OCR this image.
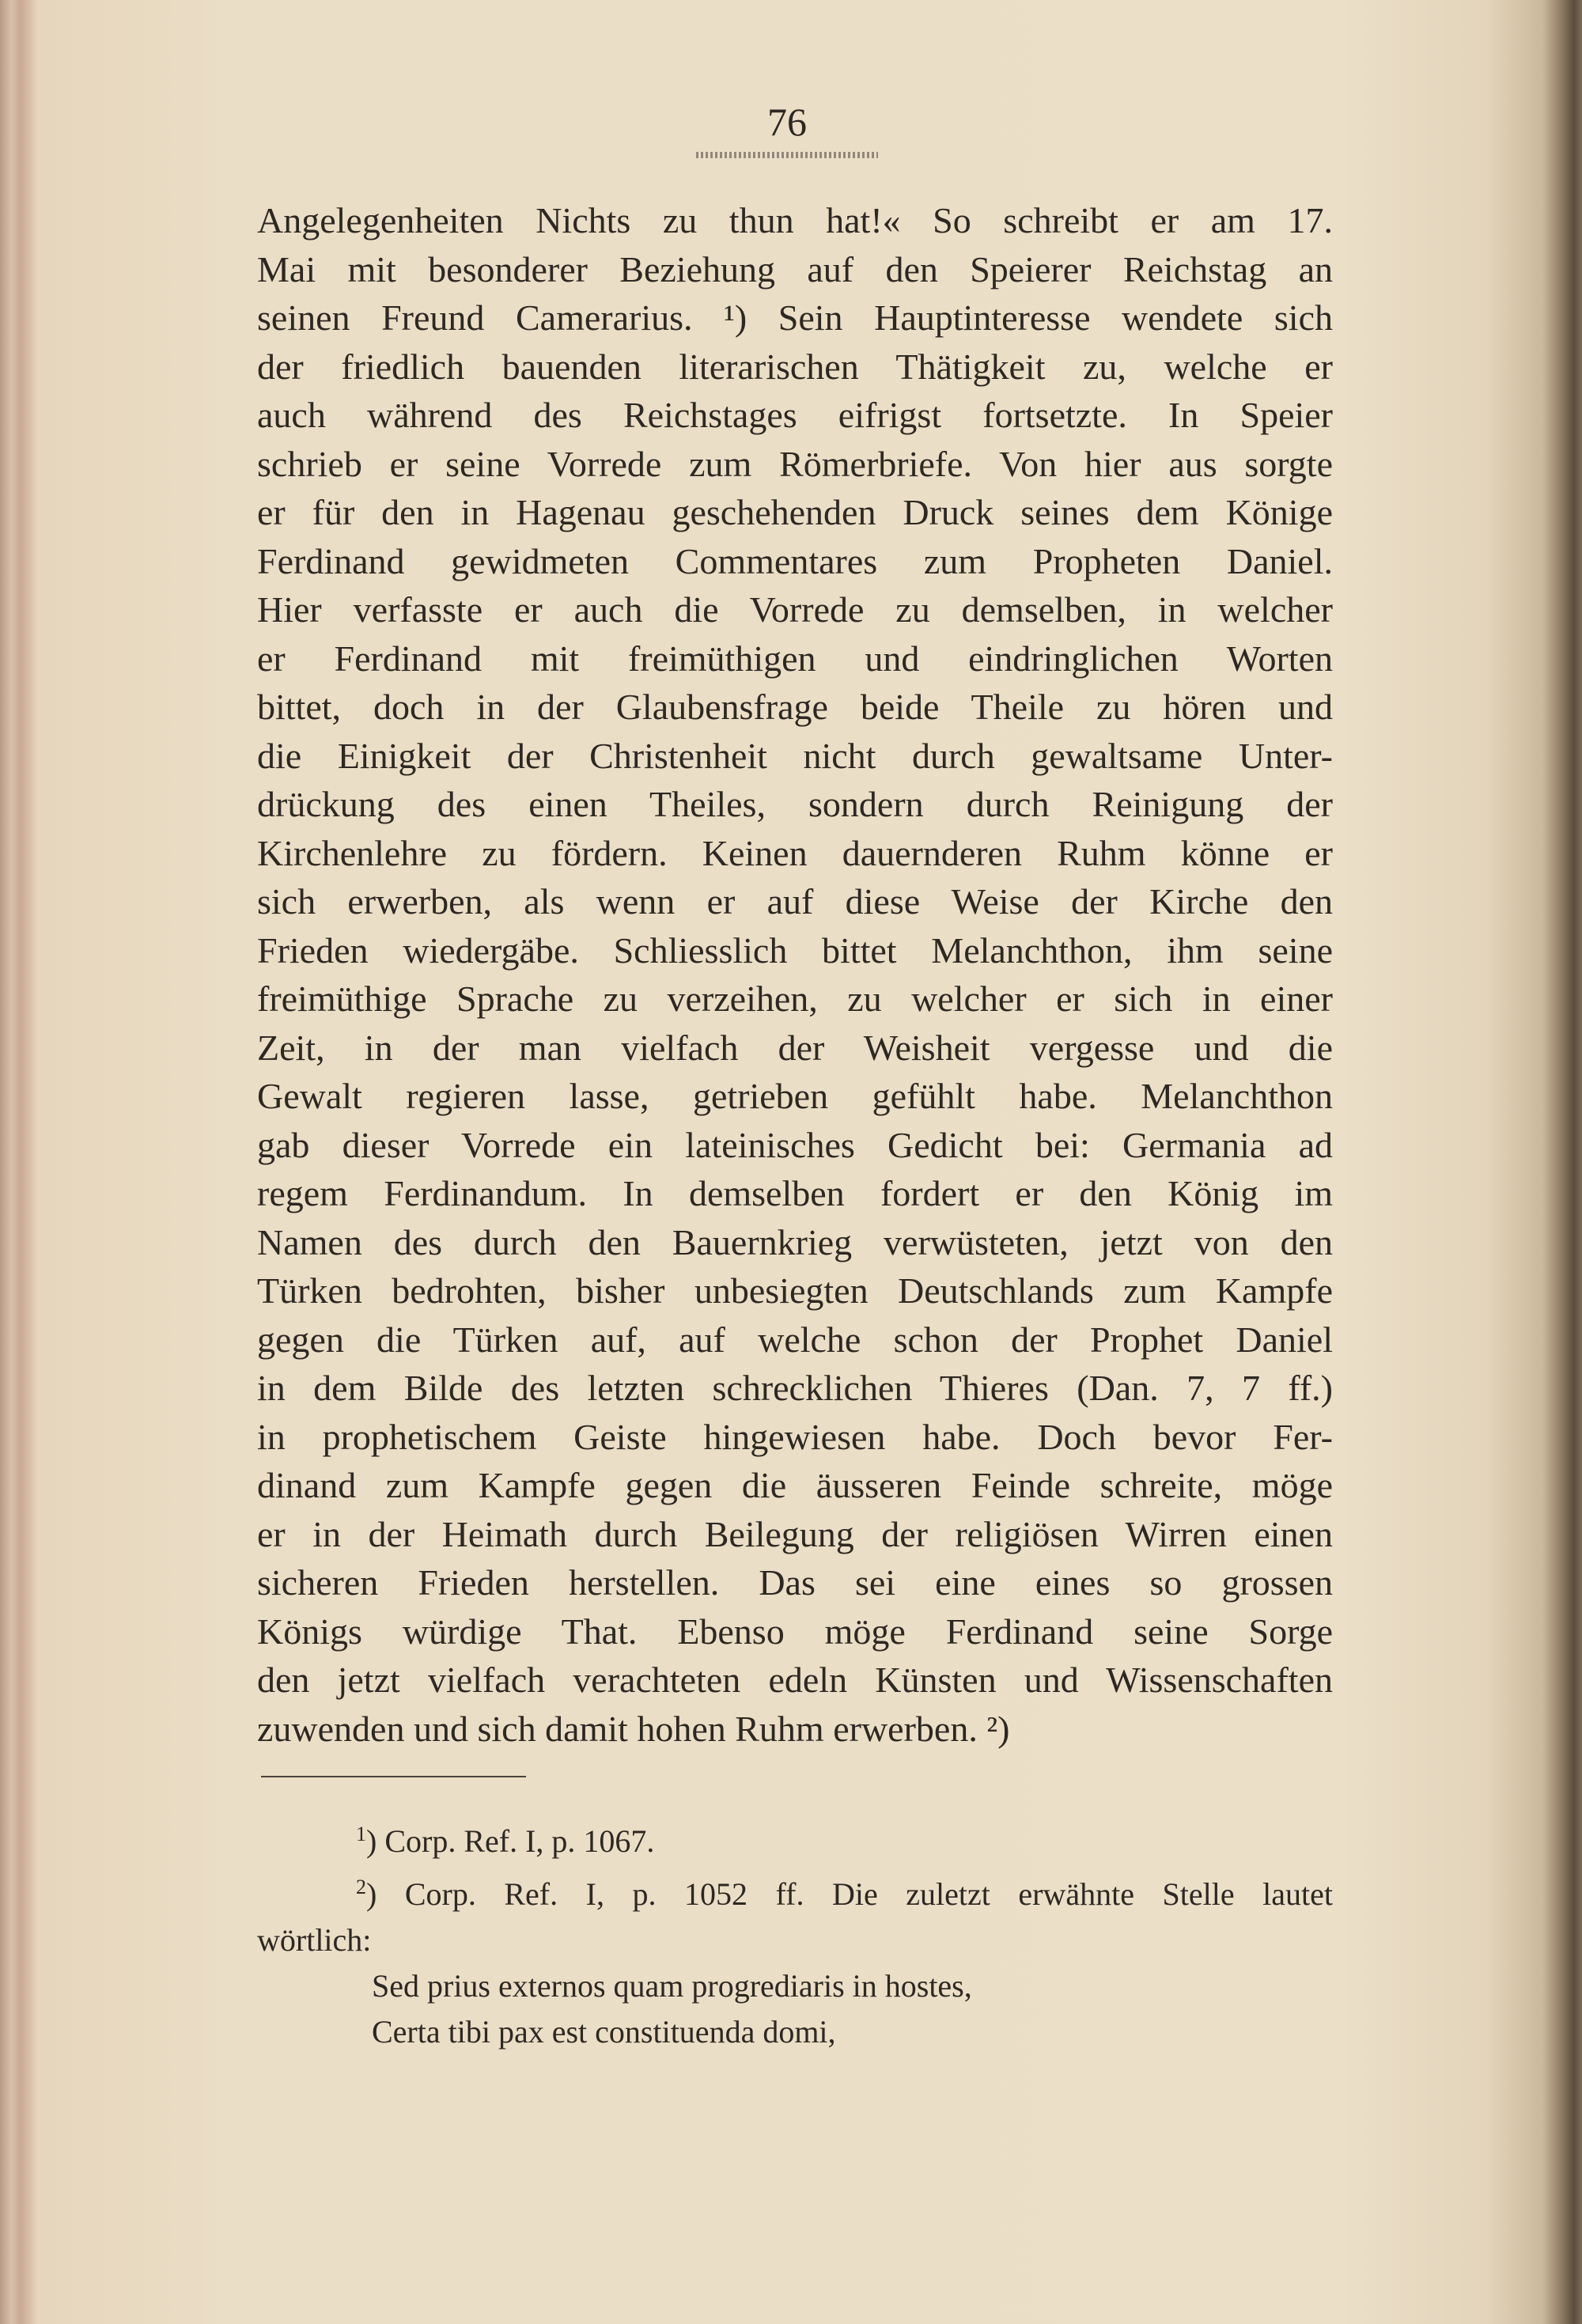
76
Angelegenheiten Nichts zu thun hat!« So schreibt er am 17.
Mai mit besonderer Beziehung auf den Speierer Reichstag an
seinen Freund Camerarius. ¹) Sein Hauptinteresse wendete sich
der friedlich bauenden literarischen Thätigkeit zu, welche er
auch während des Reichstages eifrigst fortsetzte. In Speier
schrieb er seine Vorrede zum Römerbriefe. Von hier aus sorgte
er für den in Hagenau geschehenden Druck seines dem Könige
Ferdinand gewidmeten Commentares zum Propheten Daniel.
Hier verfasste er auch die Vorrede zu demselben, in welcher
er Ferdinand mit freimüthigen und eindringlichen Worten
bittet, doch in der Glaubensfrage beide Theile zu hören und
die Einigkeit der Christenheit nicht durch gewaltsame Unter-
drückung des einen Theiles, sondern durch Reinigung der
Kirchenlehre zu fördern. Keinen dauernderen Ruhm könne er
sich erwerben, als wenn er auf diese Weise der Kirche den
Frieden wiedergäbe. Schliesslich bittet Melanchthon, ihm seine
freimüthige Sprache zu verzeihen, zu welcher er sich in einer
Zeit, in der man vielfach der Weisheit vergesse und die
Gewalt regieren lasse, getrieben gefühlt habe. Melanchthon
gab dieser Vorrede ein lateinisches Gedicht bei: Germania ad
regem Ferdinandum. In demselben fordert er den König im
Namen des durch den Bauernkrieg verwüsteten, jetzt von den
Türken bedrohten, bisher unbesiegten Deutschlands zum Kampfe
gegen die Türken auf, auf welche schon der Prophet Daniel
in dem Bilde des letzten schrecklichen Thieres (Dan. 7, 7 ff.)
in prophetischem Geiste hingewiesen habe. Doch bevor Fer-
dinand zum Kampfe gegen die äusseren Feinde schreite, möge
er in der Heimath durch Beilegung der religiösen Wirren einen
sicheren Frieden herstellen. Das sei eine eines so grossen
Königs würdige That. Ebenso möge Ferdinand seine Sorge
den jetzt vielfach verachteten edeln Künsten und Wissenschaften
zuwenden und sich damit hohen Ruhm erwerben. ²)
$^1$) Corp. Ref. I, p. 1067.
$^2$) Corp. Ref. I, p. 1052 ff. Die zuletzt erwähnte Stelle lautet
wörtlich:
Sed prius externos quam progrediaris in hostes,
Certa tibi pax est constituenda domi,
